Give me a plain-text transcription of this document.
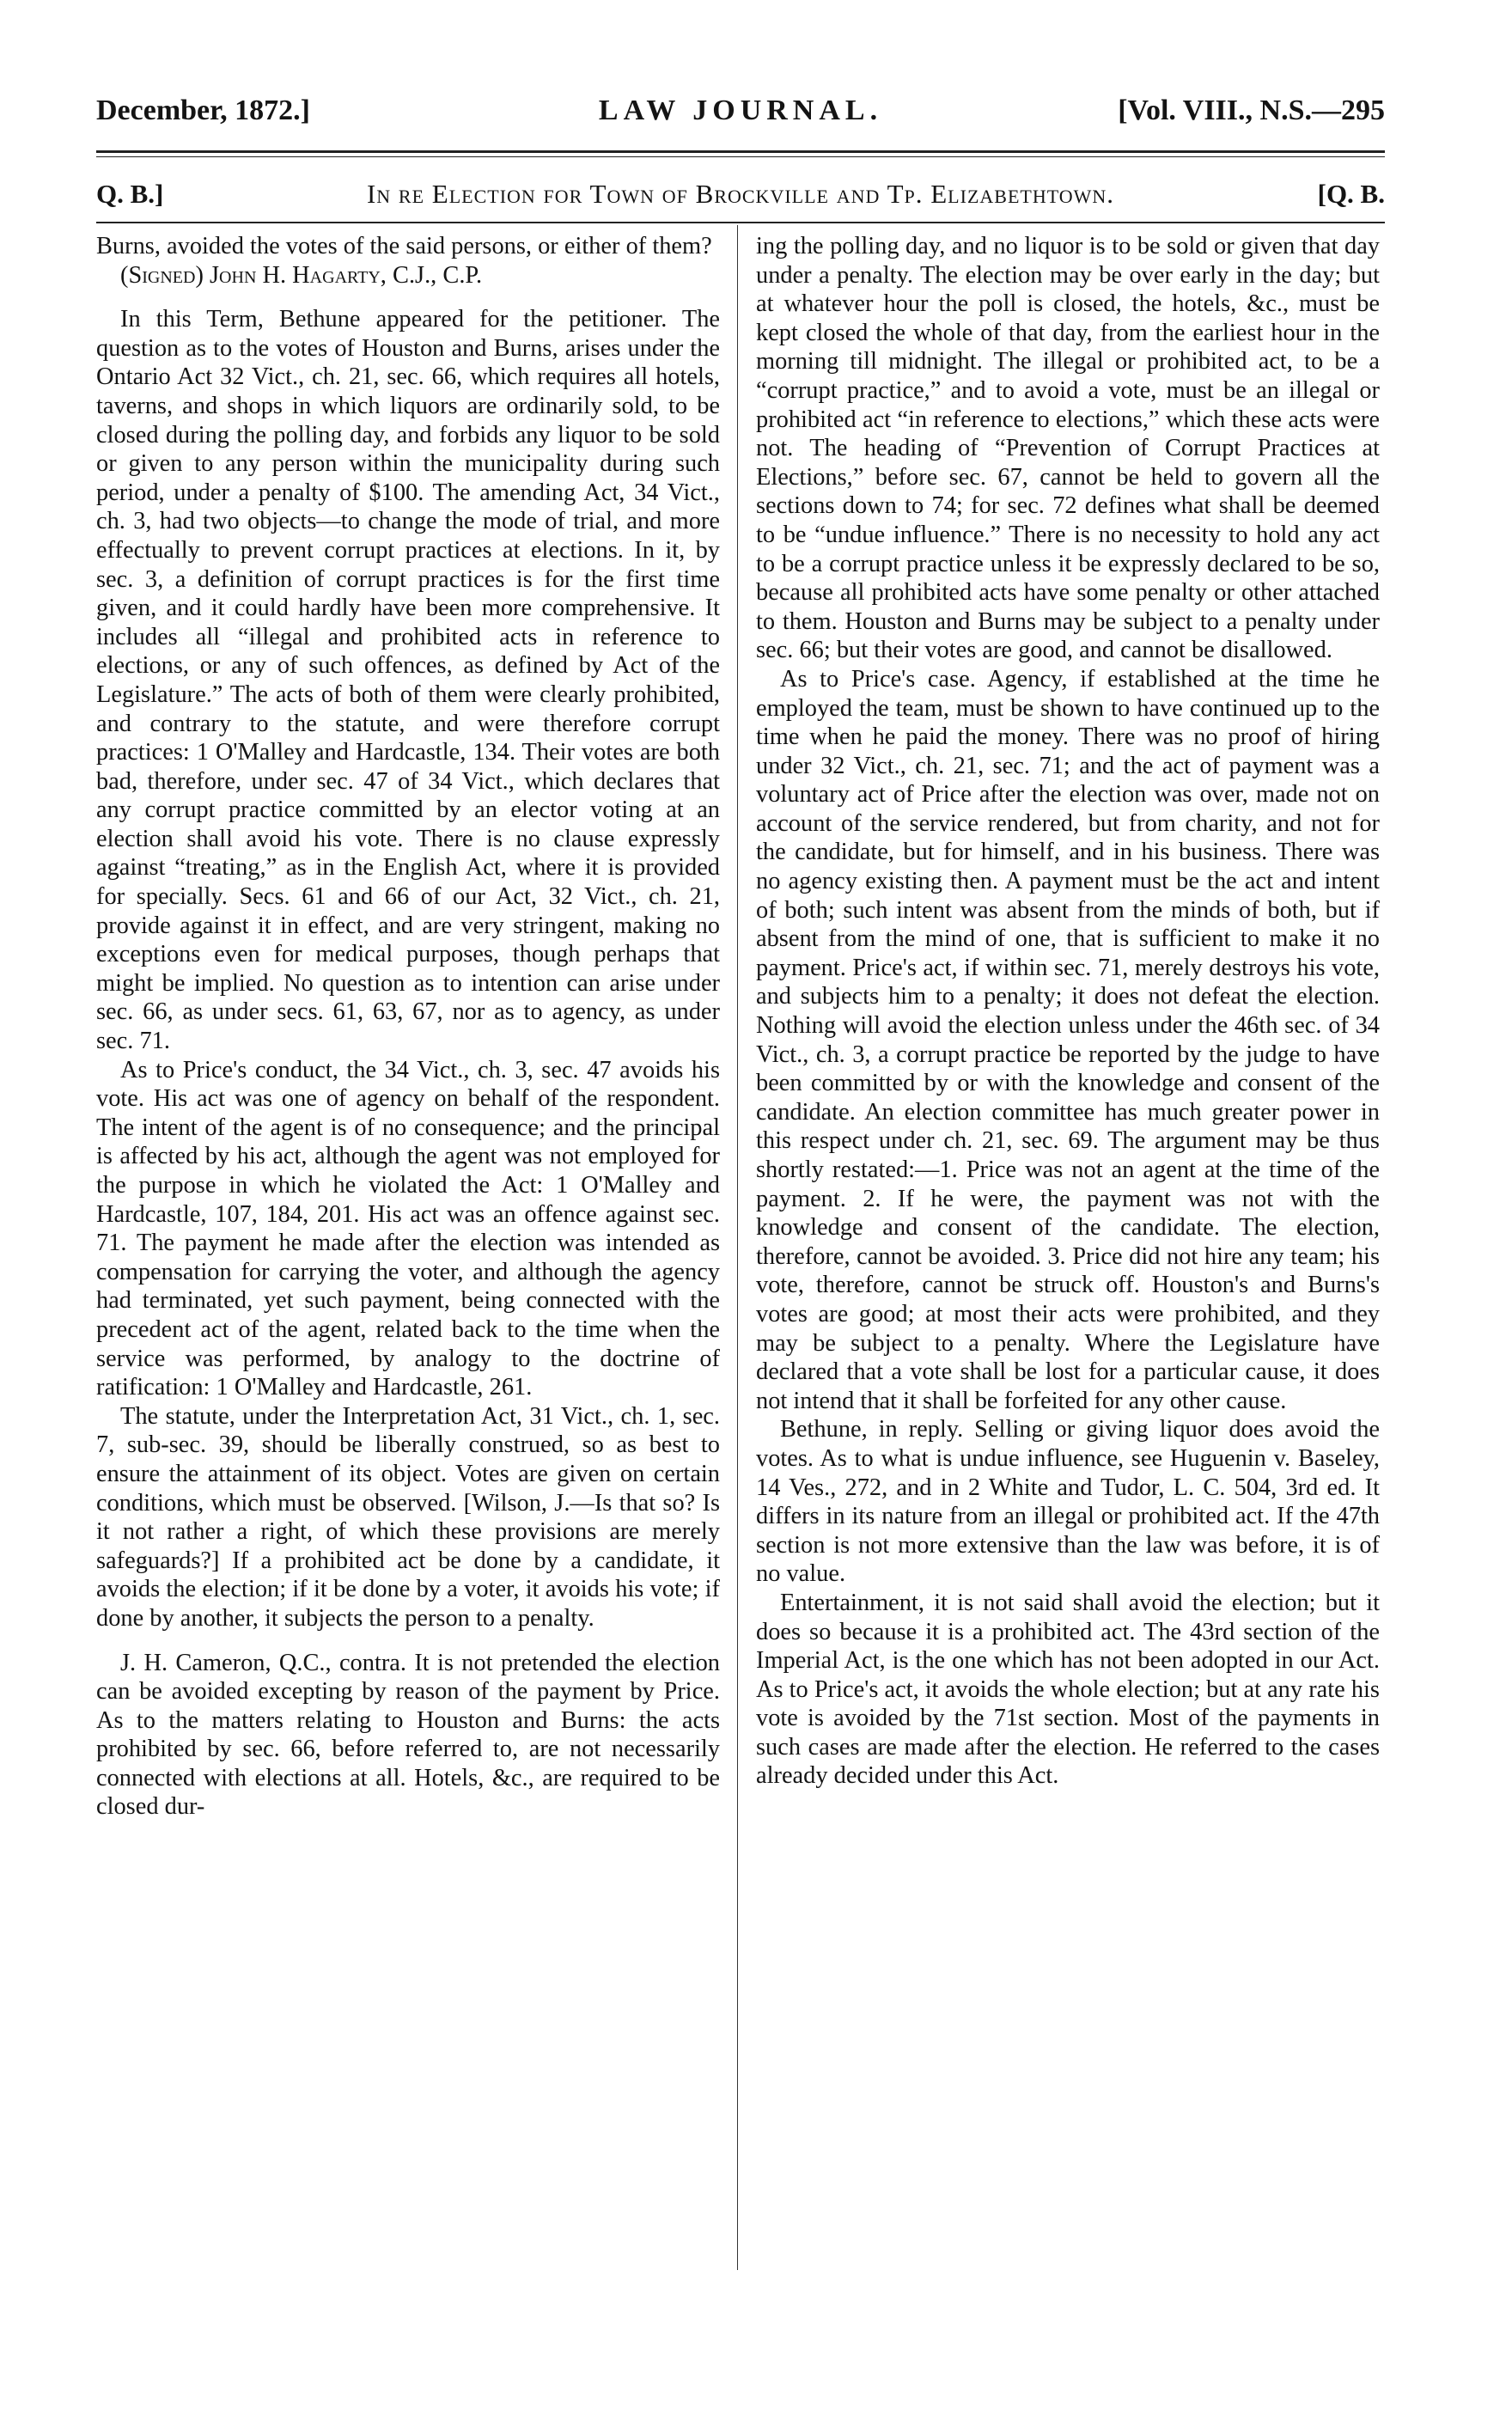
December, 1872.]	LAW JOURNAL.	[Vol. VIII., N.S.—295
Q. B.]	In re Election for Town of Brockville and Tp. Elizabethtown.	[Q. B.

Burns, avoided the votes of the said persons, or either of them?

(Signed) John H. Hagarty, C.J., C.P.

In this Term, Bethune appeared for the petitioner. The question as to the votes of Houston and Burns, arises under the Ontario Act 32 Vict., ch. 21, sec. 66, which requires all hotels, taverns, and shops in which liquors are ordinarily sold, to be closed during the polling day, and forbids any liquor to be sold or given to any person within the municipality during such period, under a penalty of $100. The amending Act, 34 Vict., ch. 3, had two objects—to change the mode of trial, and more effectually to prevent corrupt practices at elections. In it, by sec. 3, a definition of corrupt practices is for the first time given, and it could hardly have been more comprehensive. It includes all “illegal and prohibited acts in reference to elections, or any of such offences, as defined by Act of the Legislature.” The acts of both of them were clearly prohibited, and contrary to the statute, and were therefore corrupt practices: 1 O'Malley and Hardcastle, 134. Their votes are both bad, therefore, under sec. 47 of 34 Vict., which declares that any corrupt practice committed by an elector voting at an election shall avoid his vote. There is no clause expressly against “treating,” as in the English Act, where it is provided for specially. Secs. 61 and 66 of our Act, 32 Vict., ch. 21, provide against it in effect, and are very stringent, making no exceptions even for medical purposes, though perhaps that might be implied. No question as to intention can arise under sec. 66, as under secs. 61, 63, 67, nor as to agency, as under sec. 71.

As to Price's conduct, the 34 Vict., ch. 3, sec. 47 avoids his vote. His act was one of agency on behalf of the respondent. The intent of the agent is of no consequence; and the principal is affected by his act, although the agent was not employed for the purpose in which he violated the Act: 1 O'Malley and Hardcastle, 107, 184, 201. His act was an offence against sec. 71. The payment he made after the election was intended as compensation for carrying the voter, and although the agency had terminated, yet such payment, being connected with the precedent act of the agent, related back to the time when the service was performed, by analogy to the doctrine of ratification: 1 O'Malley and Hardcastle, 261.

The statute, under the Interpretation Act, 31 Vict., ch. 1, sec. 7, sub-sec. 39, should be liberally construed, so as best to ensure the attainment of its object. Votes are given on certain conditions, which must be observed. [Wilson, J.—Is that so? Is it not rather a right, of which these provisions are merely safeguards?] If a prohibited act be done by a candidate, it avoids the election; if it be done by a voter, it avoids his vote; if done by another, it subjects the person to a penalty.

J. H. Cameron, Q.C., contra. It is not pretended the election can be avoided excepting by reason of the payment by Price. As to the matters relating to Houston and Burns: the acts prohibited by sec. 66, before referred to, are not necessarily connected with elections at all. Hotels, &c., are required to be closed dur-

ing the polling day, and no liquor is to be sold or given that day under a penalty. The election may be over early in the day; but at whatever hour the poll is closed, the hotels, &c., must be kept closed the whole of that day, from the earliest hour in the morning till midnight. The illegal or prohibited act, to be a “corrupt practice,” and to avoid a vote, must be an illegal or prohibited act “in reference to elections,” which these acts were not. The heading of “Prevention of Corrupt Practices at Elections,” before sec. 67, cannot be held to govern all the sections down to 74; for sec. 72 defines what shall be deemed to be “undue influence.” There is no necessity to hold any act to be a corrupt practice unless it be expressly declared to be so, because all prohibited acts have some penalty or other attached to them. Houston and Burns may be subject to a penalty under sec. 66; but their votes are good, and cannot be disallowed.

As to Price's case. Agency, if established at the time he employed the team, must be shown to have continued up to the time when he paid the money. There was no proof of hiring under 32 Vict., ch. 21, sec. 71; and the act of payment was a voluntary act of Price after the election was over, made not on account of the service rendered, but from charity, and not for the candidate, but for himself, and in his business. There was no agency existing then. A payment must be the act and intent of both; such intent was absent from the minds of both, but if absent from the mind of one, that is sufficient to make it no payment. Price's act, if within sec. 71, merely destroys his vote, and subjects him to a penalty; it does not defeat the election. Nothing will avoid the election unless under the 46th sec. of 34 Vict., ch. 3, a corrupt practice be reported by the judge to have been committed by or with the knowledge and consent of the candidate. An election committee has much greater power in this respect under ch. 21, sec. 69. The argument may be thus shortly restated:—1. Price was not an agent at the time of the payment. 2. If he were, the payment was not with the knowledge and consent of the candidate. The election, therefore, cannot be avoided. 3. Price did not hire any team; his vote, therefore, cannot be struck off. Houston's and Burns's votes are good; at most their acts were prohibited, and they may be subject to a penalty. Where the Legislature have declared that a vote shall be lost for a particular cause, it does not intend that it shall be forfeited for any other cause.

Bethune, in reply. Selling or giving liquor does avoid the votes. As to what is undue influence, see Huguenin v. Baseley, 14 Ves., 272, and in 2 White and Tudor, L. C. 504, 3rd ed. It differs in its nature from an illegal or prohibited act. If the 47th section is not more extensive than the law was before, it is of no value.

Entertainment, it is not said shall avoid the election; but it does so because it is a prohibited act. The 43rd section of the Imperial Act, is the one which has not been adopted in our Act. As to Price's act, it avoids the whole election; but at any rate his vote is avoided by the 71st section. Most of the payments in such cases are made after the election. He referred to the cases already decided under this Act.
